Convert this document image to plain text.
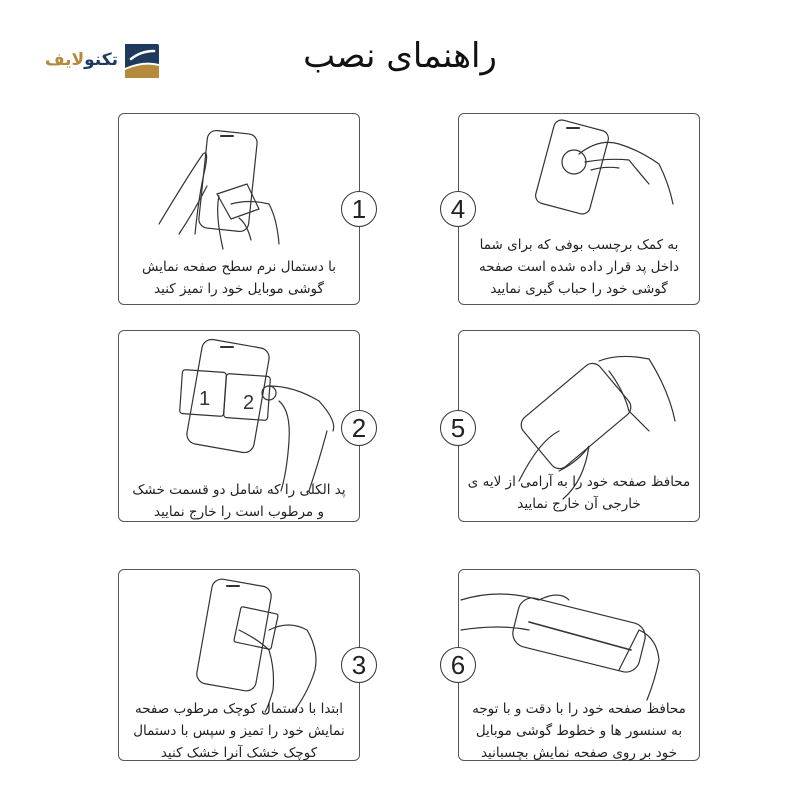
تکنولایف	راهنمای نصب
با دستمال نرم سطح صفحه نمایش
گوشی موبایل خود را تمیز کنید
1
به کمک برچسب بوفی که برای شما
داخل پد قرار داده شده است صفحه
گوشی خود را حباب گیری نمایید
4
1 2
پد الکلی را که شامل دو قسمت خشک
و مرطوب است را خارج نمایید
2
محافظ صفحه خود را به آرامی از لایه ی
خارجی آن خارج نمایید
5
ابتدا با دستمال کوچک مرطوب صفحه
نمایش خود را تمیز و سپس با دستمال
کوچک خشک آنرا خشک کنید
3
محافظ صفحه خود را با دقت و با توجه
به سنسور ها و خطوط گوشی موبایل
خود بر روی صفحه نمایش بچسبانید
6
